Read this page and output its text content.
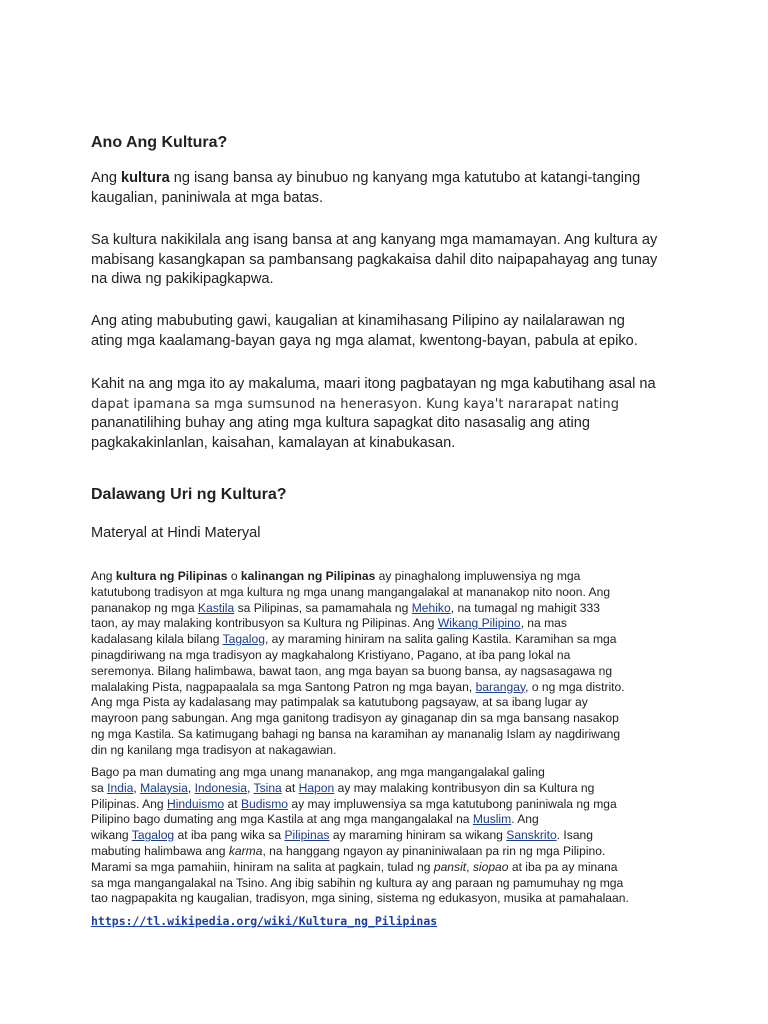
Ano Ang Kultura?

Ang kultura ng isang bansa ay binubuo ng kanyang mga katutubo at katangi-tanging
kaugalian, paniniwala at mga batas.

Sa kultura nakikilala ang isang bansa at ang kanyang mga mamamayan. Ang kultura ay
mabisang kasangkapan sa pambansang pagkakaisa dahil dito naipapahayag ang tunay
na diwa ng pakikipagkapwa.

Ang ating mabubuting gawi, kaugalian at kinamihasang Pilipino ay nailalarawan ng
ating mga kaalamang-bayan gaya ng mga alamat, kwentong-bayan, pabula at epiko.

Kahit na ang mga ito ay makaluma, maari itong pagbatayan ng mga kabutihang asal na
dapat ipamana sa mga sumsunod na henerasyon. Kung kaya't nararapat nating
pananatilihing buhay ang ating mga kultura sapagkat dito nasasalig ang ating
pagkakakinlanlan, kaisahan, kamalayan at kinabukasan.

Dalawang Uri ng Kultura?

Materyal at Hindi Materyal

Ang kultura ng Pilipinas o kalinangan ng Pilipinas ay pinaghalong impluwensiya ng mga
katutubong tradisyon at mga kultura ng mga unang mangangalakal at mananakop nito noon. Ang
pananakop ng mga Kastila sa Pilipinas, sa pamamahala ng Mehiko, na tumagal ng mahigit 333
taon, ay may malaking kontribusyon sa Kultura ng Pilipinas. Ang Wikang Pilipino, na mas
kadalasang kilala bilang Tagalog, ay maraming hiniram na salita galing Kastila. Karamihan sa mga
pinagdiriwang na mga tradisyon ay magkahalong Kristiyano, Pagano, at iba pang lokal na
seremonya. Bilang halimbawa, bawat taon, ang mga bayan sa buong bansa, ay nagsasagawa ng
malalaking Pista, nagpapaalala sa mga Santong Patron ng mga bayan, barangay, o ng mga distrito.
Ang mga Pista ay kadalasang may patimpalak sa katutubong pagsayaw, at sa ibang lugar ay
mayroon pang sabungan. Ang mga ganitong tradisyon ay ginaganap din sa mga bansang nasakop
ng mga Kastila. Sa katimugang bahagi ng bansa na karamihan ay mananalig Islam ay nagdiriwang
din ng kanilang mga tradisyon at nakagawian.

Bago pa man dumating ang mga unang mananakop, ang mga mangangalakal galing
sa India, Malaysia, Indonesia, Tsina at Hapon ay may malaking kontribusyon din sa Kultura ng
Pilipinas. Ang Hinduismo at Budismo ay may impluwensiya sa mga katutubong paniniwala ng mga
Pilipino bago dumating ang mga Kastila at ang mga mangangalakal na Muslim. Ang
wikang Tagalog at iba pang wika sa Pilipinas ay maraming hiniram sa wikang Sanskrito. Isang
mabuting halimbawa ang karma, na hanggang ngayon ay pinaniniwalaan pa rin ng mga Pilipino.
Marami sa mga pamahiin, hiniram na salita at pagkain, tulad ng pansit, siopao at iba pa ay minana
sa mga mangangalakal na Tsino. Ang ibig sabihin ng kultura ay ang paraan ng pamumuhay ng mga
tao nagpapakita ng kaugalian, tradisyon, mga sining, sistema ng edukasyon, musika at pamahalaan.

https://tl.wikipedia.org/wiki/Kultura_ng_Pilipinas
